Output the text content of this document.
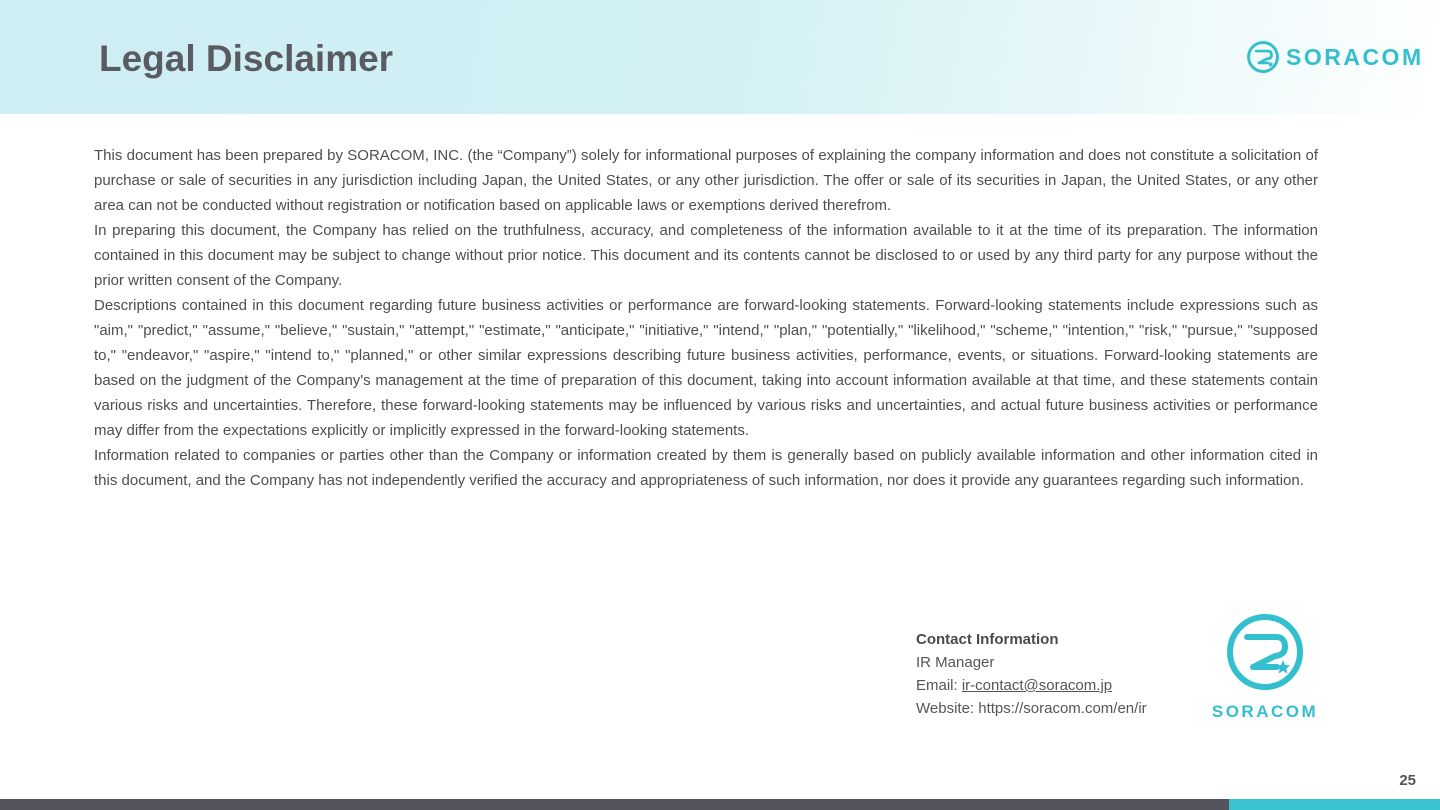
Legal Disclaimer	SORACOM

This document has been prepared by SORACOM, INC. (the “Company”) solely for informational purposes of explaining the company information and does not constitute a solicitation of purchase or sale of securities in any jurisdiction including Japan, the United States, or any other jurisdiction. The offer or sale of its securities in Japan, the United States, or any other area can not be conducted without registration or notification based on applicable laws or exemptions derived therefrom.

In preparing this document, the Company has relied on the truthfulness, accuracy, and completeness of the information available to it at the time of its preparation. The information contained in this document may be subject to change without prior notice. This document and its contents cannot be disclosed to or used by any third party for any purpose without the prior written consent of the Company.

Descriptions contained in this document regarding future business activities or performance are forward-looking statements. Forward-looking statements include expressions such as "aim," "predict," "assume," "believe," "sustain," "attempt," "estimate," "anticipate," "initiative," "intend," "plan," "potentially," "likelihood," "scheme," "intention," "risk," "pursue," "supposed to," "endeavor," "aspire," "intend to," "planned," or other similar expressions describing future business activities, performance, events, or situations. Forward-looking statements are based on the judgment of the Company's management at the time of preparation of this document, taking into account information available at that time, and these statements contain various risks and uncertainties. Therefore, these forward-looking statements may be influenced by various risks and uncertainties, and actual future business activities or performance may differ from the expectations explicitly or implicitly expressed in the forward-looking statements.

Information related to companies or parties other than the Company or information created by them is generally based on publicly available information and other information cited in this document, and the Company has not independently verified the accuracy and appropriateness of such information, nor does it provide any guarantees regarding such information.

Contact Information
IR Manager
Email: ir-contact@soracom.jp
Website: https://soracom.com/en/ir	SORACOM
25
